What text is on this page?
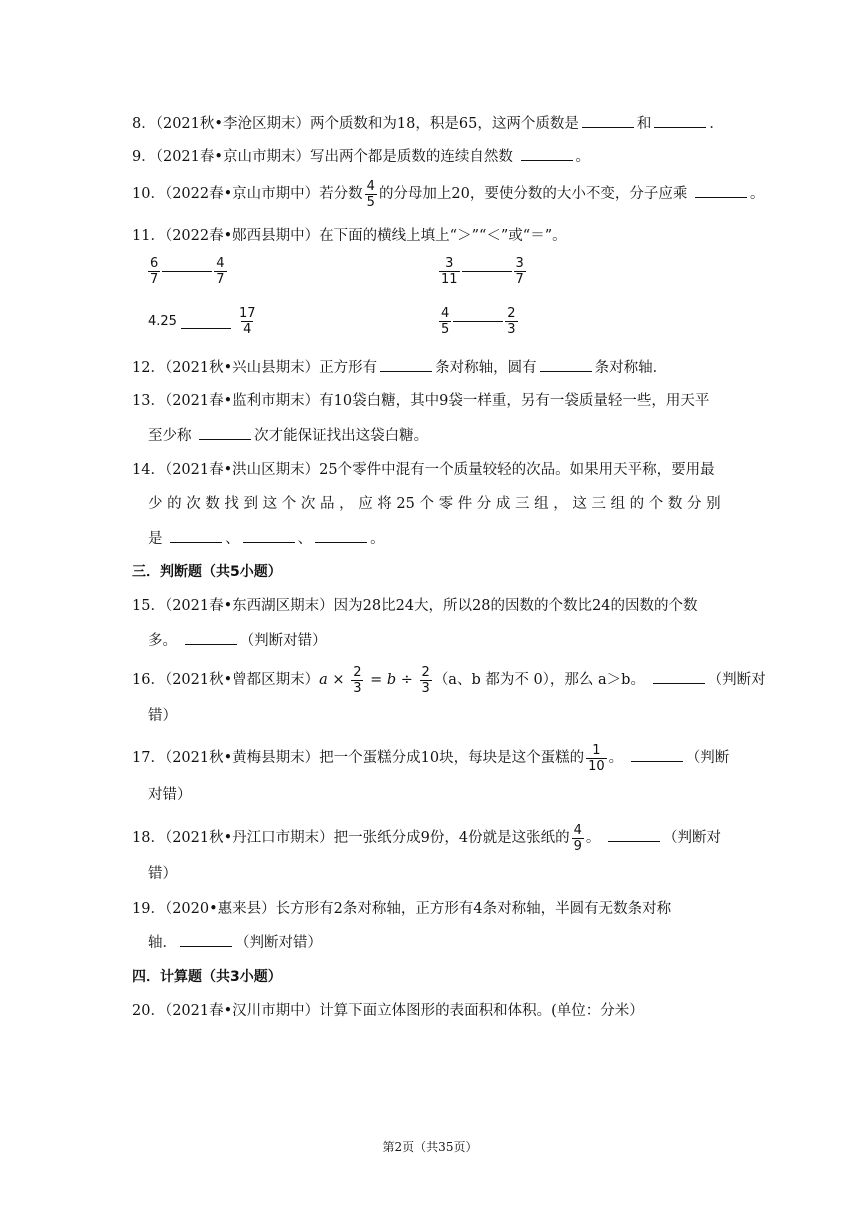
8．（2021秋•李沧区期末）两个质数和为18，积是65，这两个质数是	和	．
9．（2021春•京山市期末）写出两个都是质数的连续自然数	。
10．（2022春•京山市期中）若分数 $\frac{4}{5}$ 的分母加上20，要使分数的大小不变，分子应乘	。
11．（2022春•郧西县期中）在下面的横线上填上“＞”“＜”或“＝”。
$\frac{6}{7}$	$\frac{4}{7}$	$\frac{3}{11}$	$\frac{3}{7}$
4.25	$\frac{17}{4}$	$\frac{4}{5}$	$\frac{2}{3}$
12．（2021秋•兴山县期末）正方形有	条对称轴，圆有	条对称轴．
13．（2021春•监利市期末）有10袋白糖，其中9袋一样重，另有一袋质量轻一些，用天平
至少称	次才能保证找出这袋白糖。
14．（2021春•洪山区期末）25个零件中混有一个质量较轻的次品。如果用天平称，要用最
少 的 次 数 找 到 这 个 次 品 ， 应 将 25 个 零 件 分 成 三 组 ， 这 三 组 的 个 数 分 别
是	、	、	。
三．判断题（共5小题）
15．（2021春•东西湖区期末）因为28比24大，所以28的因数的个数比24的因数的个数
多。	（判断对错）
16．（2021秋•曾都区期末）$a \times \frac{2}{3} = b \div \frac{2}{3} (a$、b 都为不 0），那么 a＞b。	（判断对
错）
17．（2021秋•黄梅县期末）把一个蛋糕分成10块，每块是这个蛋糕的 $\frac{1}{10}$ 。	（判断
对错）
18．（2021秋•丹江口市期末）把一张纸分成9份，4份就是这张纸的 $\frac{4}{9}$ 。	（判断对
错）
19．（2020•惠来县）长方形有2条对称轴，正方形有4条对称轴，半圆有无数条对称
轴．	（判断对错）
四．计算题（共3小题）
20．（2021春•汉川市期中）计算下面立体图形的表面积和体积。(单位：分米）
第2页（共35页）
